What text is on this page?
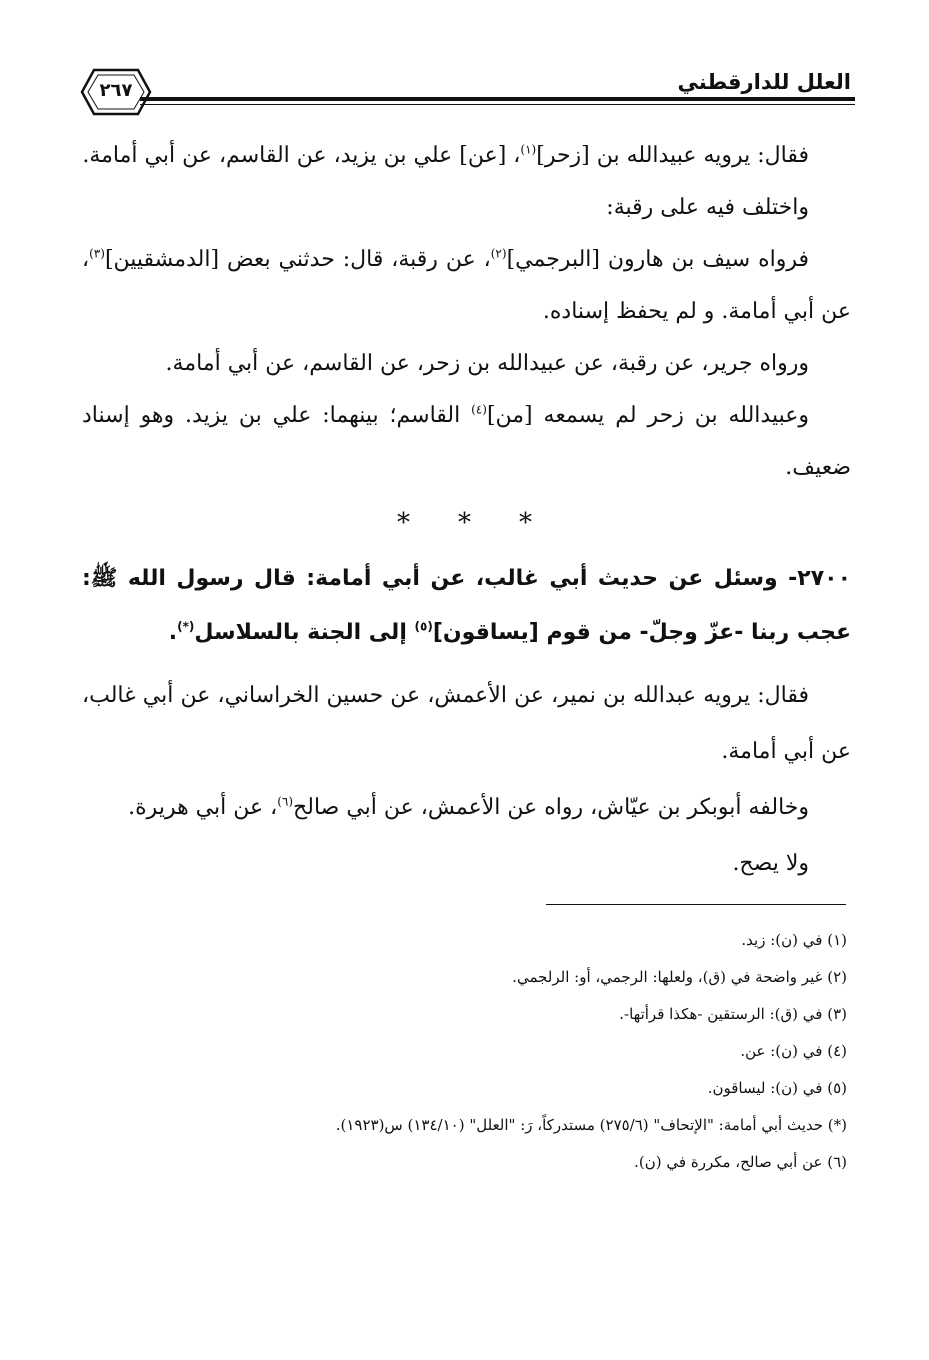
العلل للدارقطني
٢٦٧

فقال: يرويه عبيدالله بن [زحر]$^{(١)}$، [عن] علي بن يزيد، عن القاسم، عن أبي أمامة.

واختلف فيه على رقبة:

فرواه سيف بن هارون [البرجمي]$^{(٢)}$، عن رقبة، قال: حدثني بعض [الدمشقيين]$^{(٣)}$، عن أبي أمامة. و لم يحفظ إسناده.

ورواه جرير، عن رقبة، عن عبيدالله بن زحر، عن القاسم، عن أبي أمامة.

وعبيدالله بن زحر لم يسمعه [من]$^{(٤)}$ القاسم؛ بينهما: علي بن يزيد. وهو إسناد ضعيف.

* * *

٢٧٠٠- وسئل عن حديث أبي غالب، عن أبي أمامة: قال رسول الله ﷺ: عجب ربنا -عزّ وجلّ- من قوم [يساقون]$^{(٥)}$ إلى الجنة بالسلاسل(*).

فقال: يرويه عبدالله بن نمير، عن الأعمش، عن حسين الخراساني، عن أبي غالب، عن أبي أمامة.

وخالفه أبوبكر بن عيّاش، رواه عن الأعمش، عن أبي صالح$^{(٦)}$، عن أبي هريرة.

ولا يصح.

(١) في (ن): زيد.
(٢) غير واضحة في (ق)، ولعلها: الرجمي، أو: الرلجمي.
(٣) في (ق): الرستقين -هكذا قرأتها-.
(٤) في (ن): عن.
(٥) في (ن): ليساقون.
(*) حديث أبي أمامة: "الإتحاف" (٢٧٥/٦) مستدركاً، رَ: "العلل" (١٣٤/١٠) س(١٩٢٣).
(٦) عن أبي صالح، مكررة في (ن).
